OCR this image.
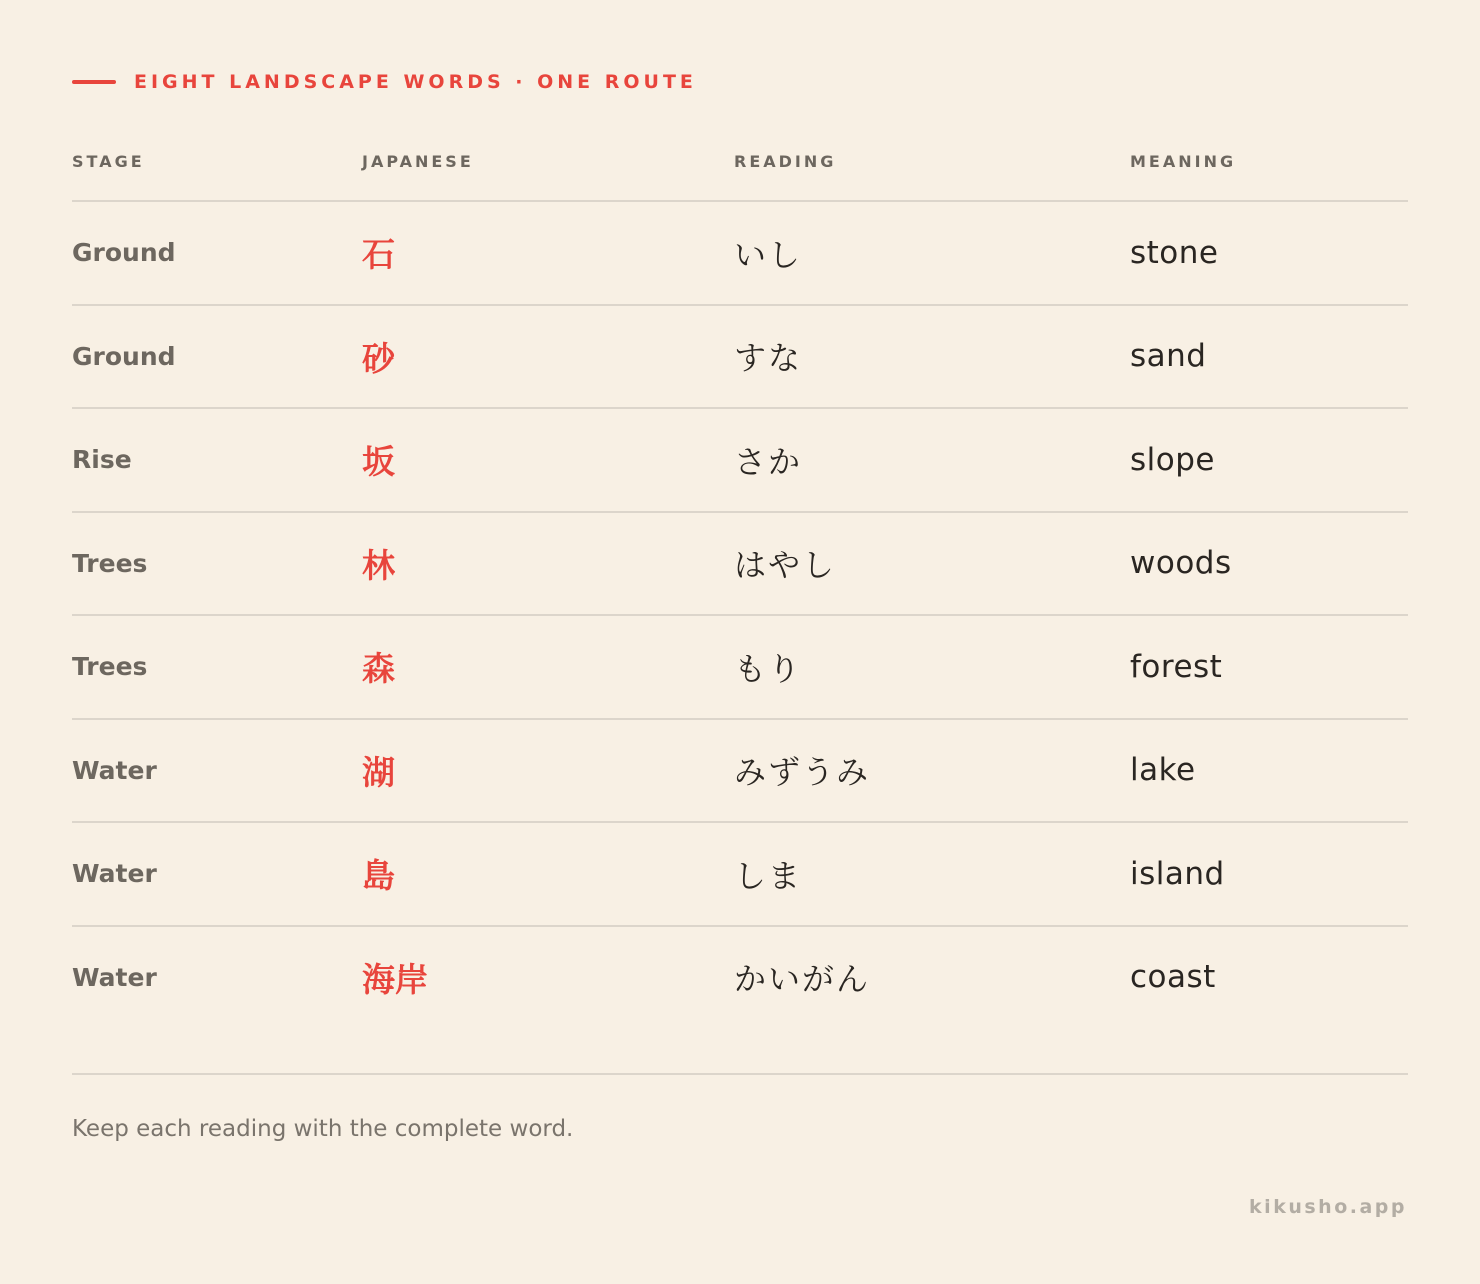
EIGHT LANDSCAPE WORDS · ONE ROUTE
STAGE	JAPANESE	READING	MEANING
Ground	石	いし	stone
Ground	砂	すな	sand
Rise	坂	さか	slope
Trees	林	はやし	woods
Trees	森	もり	forest
Water	湖	みずうみ	lake
Water	島	しま	island
Water	海岸	かいがん	coast
Keep each reading with the complete word.
kikusho.app
